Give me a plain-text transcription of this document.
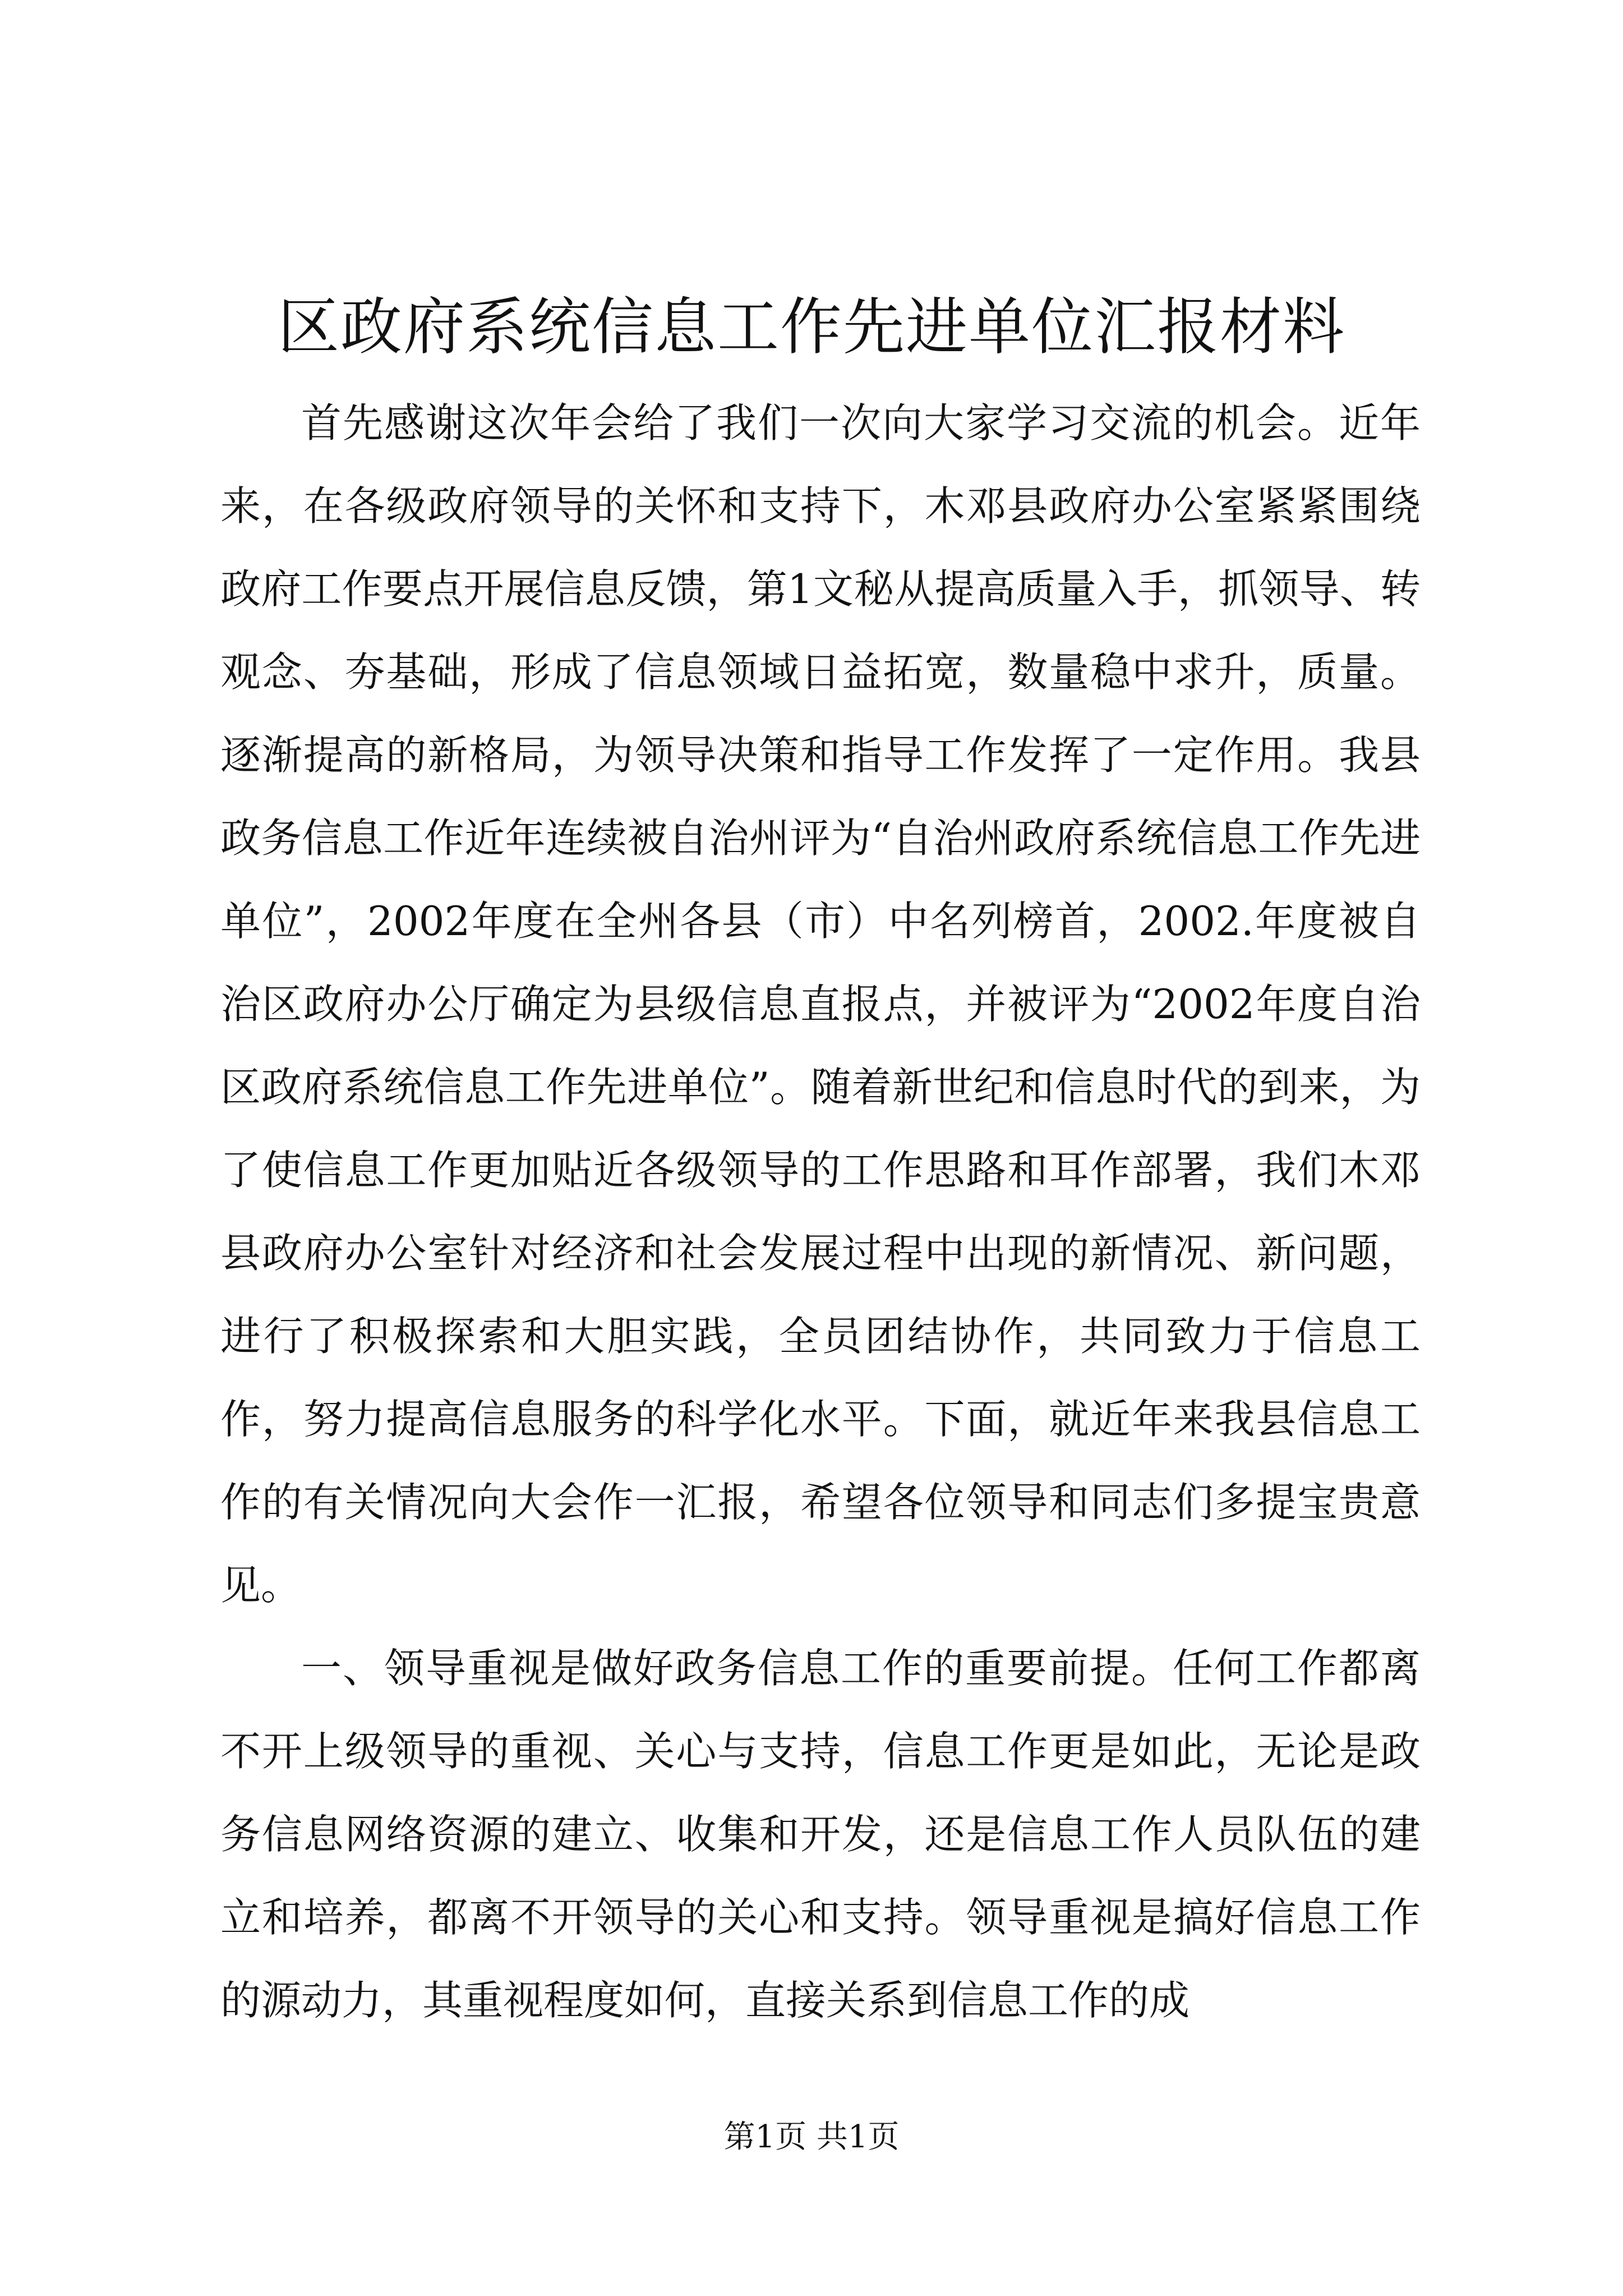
区政府系统信息工作先进单位汇报材料

首先感谢这次年会给了我们一次向大家学习交流的机会。近年来，在各级政府领导的关怀和支持下，木邓县政府办公室紧紧围绕政府工作要点开展信息反馈，第1文秘从提高质量入手，抓领导、转观念、夯基础，形成了信息领域日益拓宽，数量稳中求升，质量。逐渐提高的新格局，为领导决策和指导工作发挥了一定作用。我县政务信息工作近年连续被自治州评为“自治州政府系统信息工作先进单位”，2002年度在全州各县（市）中名列榜首，2002.年度被自治区政府办公厅确定为县级信息直报点，并被评为“2002年度自治区政府系统信息工作先进单位”。随着新世纪和信息时代的到来，为了使信息工作更加贴近各级领导的工作思路和耳作部署，我们木邓县政府办公室针对经济和社会发展过程中出现的新情况、新问题，进行了积极探索和大胆实践，全员团结协作，共同致力于信息工作，努力提高信息服务的科学化水平。下面，就近年来我县信息工作的有关情况向大会作一汇报，希望各位领导和同志们多提宝贵意见。

一、领导重视是做好政务信息工作的重要前提。任何工作都离不开上级领导的重视、关心与支持，信息工作更是如此，无论是政务信息网络资源的建立、收集和开发，还是信息工作人员队伍的建立和培养，都离不开领导的关心和支持。领导重视是搞好信息工作的源动力，其重视程度如何，直接关系到信息工作的成

第1页 共1页
